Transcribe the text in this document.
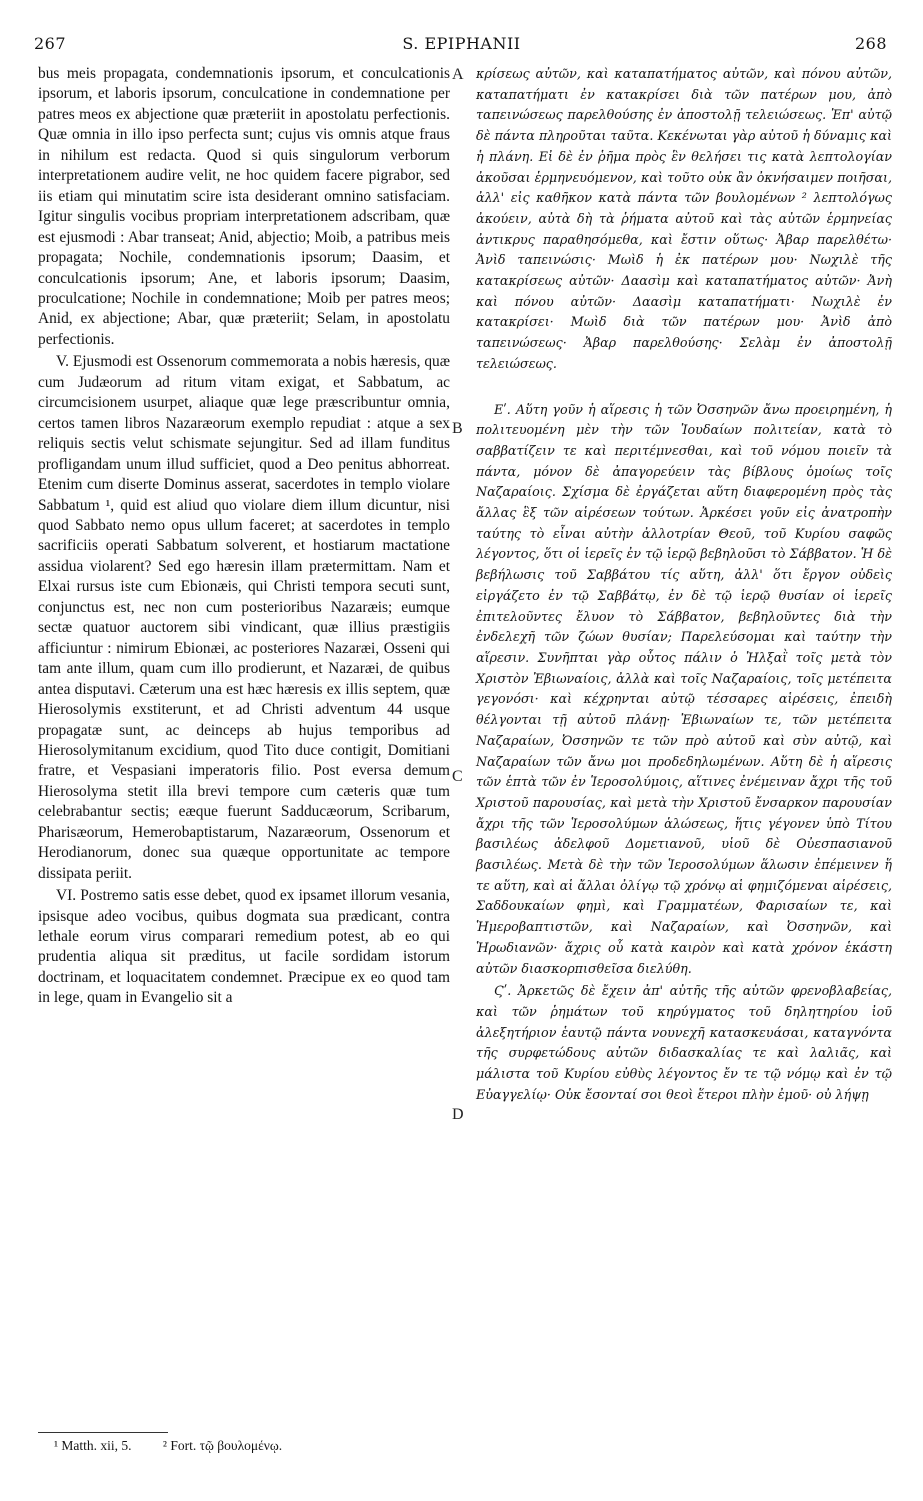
267	S. EPIPHANII	268

bus meis propagata, condemnationis ipsorum, et conculcationis ipsorum, et laboris ipsorum, conculcatione in condemnatione per patres meos ex abjectione quæ præteriit in apostolatu perfectionis. Quæ omnia in illo ipso perfecta sunt; cujus vis omnis atque fraus in nihilum est redacta. Quod si quis singulorum verborum interpretationem audire velit, ne hoc quidem facere pigrabor, sed iis etiam qui minutatim scire ista desiderant omnino satisfaciam. Igitur singulis vocibus propriam interpretationem adscribam, quæ est ejusmodi : Abar transeat; Anid, abjectio; Moib, a patribus meis propagata; Nochile, condemnationis ipsorum; Daasim, et conculcationis ipsorum; Ane, et laboris ipsorum; Daasim, proculcatione; Nochile in condemnatione; Moib per patres meos; Anid, ex abjectione; Abar, quæ præteriit; Selam, in apostolatu perfectionis.

V. Ejusmodi est Ossenorum commemorata a nobis hæresis, quæ cum Judæorum ad ritum vitam exigat, et Sabbatum, ac circumcisionem usurpet, aliaque quæ lege præscribuntur omnia, certos tamen libros Nazaræorum exemplo repudiat : atque a sex reliquis sectis velut schismate sejungitur. Sed ad illam funditus profligandam unum illud sufficiet, quod a Deo penitus abhorreat. Etenim cum diserte Dominus asserat, sacerdotes in templo violare Sabbatum ¹, quid est aliud quo violare diem illum dicuntur, nisi quod Sabbato nemo opus ullum faceret; at sacerdotes in templo sacrificiis operati Sabbatum solverent, et hostiarum mactatione assidua violarent? Sed ego hæresin illam prætermittam. Nam et Elxai rursus iste cum Ebionæis, qui Christi tempora secuti sunt, conjunctus est, nec non cum posterioribus Nazaræis; eumque sectæ quatuor auctorem sibi vindicant, quæ illius præstigiis afficiuntur : nimirum Ebionæi, ac posteriores Nazaræi, Osseni qui tam ante illum, quam cum illo prodierunt, et Nazaræi, de quibus antea disputavi. Cæterum una est hæc hæresis ex illis septem, quæ Hierosolymis exstiterunt, et ad Christi adventum 44 usque propagatæ sunt, ac deinceps ab hujus temporibus ad Hierosolymitanum excidium, quod Tito duce contigit, Domitiani fratre, et Vespasiani imperatoris filio. Post eversa demum Hierosolyma stetit illa brevi tempore cum cæteris quæ tum celebrabantur sectis; eæque fuerunt Sadducæorum, Scribarum, Pharisæorum, Hemerobaptistarum, Nazaræorum, Ossenorum et Herodianorum, donec sua quæque opportunitate ac tempore dissipata periit.

VI. Postremo satis esse debet, quod ex ipsamet illorum vesania, ipsisque adeo vocibus, quibus dogmata sua prædicant, contra lethale eorum virus comparari remedium potest, ab eo qui prudentia aliqua sit præditus, ut facile sordidam istorum doctrinam, et loquacitatem condemnet. Præcipue ex eo quod tam in lege, quam in Evangelio sit a

A
B
C
D

κρίσεως αὐτῶν, καὶ καταπατήματος αὐτῶν, καὶ πόνου αὐτῶν, καταπατήματι ἐν κατακρίσει διὰ τῶν πατέρων μου, ἀπὸ ταπεινώσεως παρελθούσης ἐν ἀποστολῇ τελειώσεως. Ἐπ' αὐτῷ δὲ πάντα πληροῦται ταῦτα. Κεκένωται γὰρ αὐτοῦ ἡ δύναμις καὶ ἡ πλάνη. Εἰ δὲ ἐν ῥῆμα πρὸς ἓν θελήσει τις κατὰ λεπτολογίαν ἀκοῦσαι ἑρμηνευόμενον, καὶ τοῦτο οὐκ ἂν ὀκνήσαιμεν ποιῆσαι, ἀλλ' εἰς καθῆκον κατὰ πάντα τῶν βουλομένων ² λεπτολόγως ἀκούειν, αὐτὰ δὴ τὰ ῥήματα αὐτοῦ καὶ τὰς αὐτῶν ἑρμηνείας ἀντικρυς παραθησόμεθα, καὶ ἔστιν οὕτως· Ἀβαρ παρελθέτω· Ἀνὶδ ταπεινώσις· Μωὶδ ἡ ἐκ πατέρων μου· Νωχιλὲ τῆς κατακρίσεως αὐτῶν· Δαασὶμ καὶ καταπατήματος αὐτῶν· Ἀνὴ καὶ πόνου αὐτῶν· Δαασὶμ καταπατήματι· Νωχιλὲ ἐν κατακρίσει· Μωὶδ διὰ τῶν πατέρων μου· Ἀνὶδ ἀπὸ ταπεινώσεως· Ἀβαρ παρελθούσης· Σελὰμ ἐν ἀποστολῇ τελειώσεως.

Εʹ. Αὕτη γοῦν ἡ αἵρεσις ἡ τῶν Ὀσσηνῶν ἄνω προειρημένη, ἡ πολιτευομένη μὲν τὴν τῶν Ἰουδαίων πολιτείαν, κατὰ τὸ σαββατίζειν τε καὶ περιτέμνεσθαι, καὶ τοῦ νόμου ποιεῖν τὰ πάντα, μόνον δὲ ἀπαγορεύειν τὰς βίβλους ὁμοίως τοῖς Ναζαραίοις. Σχίσμα δὲ ἐργάζεται αὕτη διαφερομένη πρὸς τὰς ἄλλας ἓξ τῶν αἱρέσεων τούτων. Ἀρκέσει γοῦν εἰς ἀνατροπὴν ταύτης τὸ εἶναι αὐτὴν ἀλλοτρίαν Θεοῦ, τοῦ Κυρίου σαφῶς λέγοντος, ὅτι οἱ ἱερεῖς ἐν τῷ ἱερῷ βεβηλοῦσι τὸ Σάββατον. Ἡ δὲ βεβήλωσις τοῦ Σαββάτου τίς αὕτη, ἀλλ' ὅτι ἔργον οὐδεὶς εἰργάζετο ἐν τῷ Σαββάτῳ, ἐν δὲ τῷ ἱερῷ θυσίαν οἱ ἱερεῖς ἐπιτελοῦντες ἔλυον τὸ Σάββατον, βεβηλοῦντες διὰ τὴν ἐνδελεχῆ τῶν ζώων θυσίαν; Παρελεύσομαι καὶ ταύτην τὴν αἵρεσιν. Συνῆπται γὰρ οὗτος πάλιν ὁ Ἠλξαῒ τοῖς μετὰ τὸν Χριστὸν Ἐβιωναίοις, ἀλλὰ καὶ τοῖς Ναζαραίοις, τοῖς μετέπειτα γεγονόσι· καὶ κέχρηνται αὐτῷ τέσσαρες αἱρέσεις, ἐπειδὴ θέλγονται τῇ αὐτοῦ πλάνῃ· Ἐβιωναίων τε, τῶν μετέπειτα Ναζαραίων, Ὀσσηνῶν τε τῶν πρὸ αὐτοῦ καὶ σὺν αὐτῷ, καὶ Ναζαραίων τῶν ἄνω μοι προδεδηλωμένων. Αὕτη δὲ ἡ αἵρεσις τῶν ἑπτὰ τῶν ἐν Ἱεροσολύμοις, αἵτινες ἐνέμειναν ἄχρι τῆς τοῦ Χριστοῦ παρουσίας, καὶ μετὰ τὴν Χριστοῦ ἔνσαρκον παρουσίαν ἄχρι τῆς τῶν Ἱεροσολύμων ἁλώσεως, ἥτις γέγονεν ὑπὸ Τίτου βασιλέως ἀδελφοῦ Δομετιανοῦ, υἱοῦ δὲ Οὐεσπασιανοῦ βασιλέως. Μετὰ δὲ τὴν τῶν Ἱεροσολύμων ἅλωσιν ἐπέμεινεν ἥ τε αὕτη, καὶ αἱ ἄλλαι ὀλίγῳ τῷ χρόνῳ αἱ φημιζόμεναι αἱρέσεις, Σαδδουκαίων φημὶ, καὶ Γραμματέων, Φαρισαίων τε, καὶ Ἡμεροβαπτιστῶν, καὶ Ναζαραίων, καὶ Ὀσσηνῶν, καὶ Ἡρωδιανῶν· ἄχρις οὗ κατὰ καιρὸν καὶ κατὰ χρόνον ἑκάστη αὐτῶν διασκορπισθεῖσα διελύθη.

Ϛʹ. Ἀρκετῶς δὲ ἔχειν ἀπ' αὐτῆς τῆς αὐτῶν φρενοβλαβείας, καὶ τῶν ῥημάτων τοῦ κηρύγματος τοῦ δηλητηρίου ἰοῦ ἀλεξητήριον ἑαυτῷ πάντα νουνεχῆ κατασκευάσαι, καταγνόντα τῆς συρφετώδους αὐτῶν διδασκαλίας τε καὶ λαλιᾶς, καὶ μάλιστα τοῦ Κυρίου εὐθὺς λέγοντος ἔν τε τῷ νόμῳ καὶ ἐν τῷ Εὐαγγελίῳ· Οὐκ ἔσονταί σοι θεοὶ ἕτεροι πλὴν ἐμοῦ· οὐ λήψῃ

¹ Matth. xii, 5. ² Fort. τῷ βουλομένῳ.
